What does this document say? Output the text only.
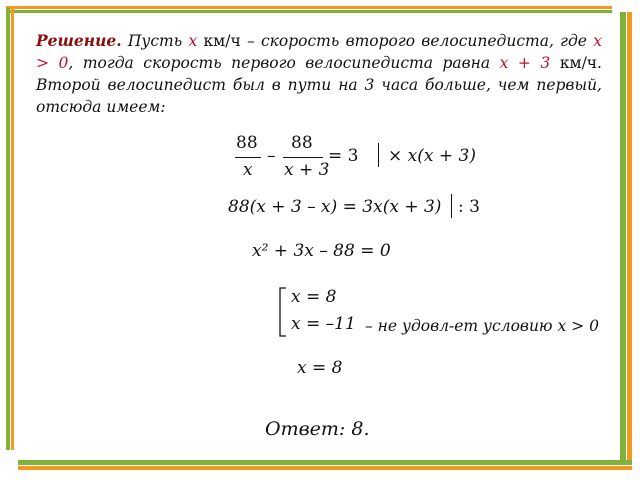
Решение. Пусть x км/ч – скорость второго велосипедиста, где x > 0, тогда скорость первого велосипедиста равна x + 3 км/ч. Второй велосипедист был в пути на 3 часа больше, чем первый, отсюда имеем:
88
x
–
88
x + 3
= 3 × x(x + 3)
88(x + 3 – x) = 3x(x + 3) : 3
x² + 3x – 88 = 0
x = 8
x = –11 – не удовл-ет условию x > 0
x = 8
Ответ: 8.
